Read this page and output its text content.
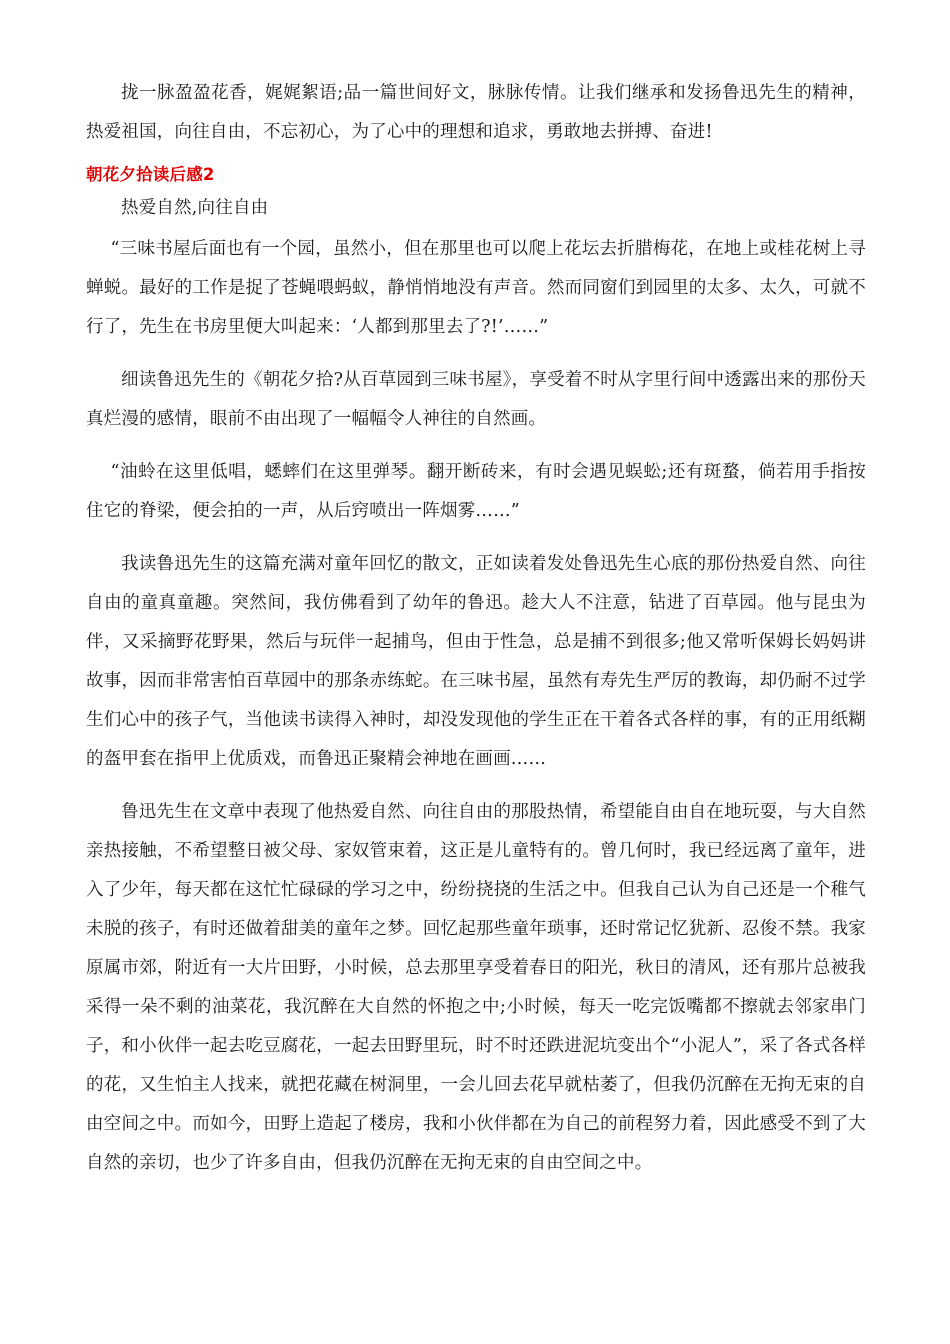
拢一脉盈盈花香，娓娓絮语;品一篇世间好文，脉脉传情。让我们继承和发扬鲁迅先生的精神，热爱祖国，向往自由，不忘初心，为了心中的理想和追求，勇敢地去拼搏、奋进!

朝花夕拾读后感2

热爱自然,向往自由

“三味书屋后面也有一个园，虽然小，但在那里也可以爬上花坛去折腊梅花，在地上或桂花树上寻蝉蜕。最好的工作是捉了苍蝇喂蚂蚁，静悄悄地没有声音。然而同窗们到园里的太多、太久，可就不行了，先生在书房里便大叫起来：‘人都到那里去了?!’……”

细读鲁迅先生的《朝花夕拾?从百草园到三味书屋》，享受着不时从字里行间中透露出来的那份天真烂漫的感情，眼前不由出现了一幅幅令人神往的自然画。

“油蛉在这里低唱，蟋蟀们在这里弹琴。翻开断砖来，有时会遇见蜈蚣;还有斑蝥，倘若用手指按住它的脊梁，便会拍的一声，从后窍喷出一阵烟雾……”

我读鲁迅先生的这篇充满对童年回忆的散文，正如读着发处鲁迅先生心底的那份热爱自然、向往自由的童真童趣。突然间，我仿佛看到了幼年的鲁迅。趁大人不注意，钻进了百草园。他与昆虫为伴，又采摘野花野果，然后与玩伴一起捕鸟，但由于性急，总是捕不到很多;他又常听保姆长妈妈讲故事，因而非常害怕百草园中的那条赤练蛇。在三味书屋，虽然有寿先生严厉的教诲，却仍耐不过学生们心中的孩子气，当他读书读得入神时，却没发现他的学生正在干着各式各样的事，有的正用纸糊的盔甲套在指甲上优质戏，而鲁迅正聚精会神地在画画……

鲁迅先生在文章中表现了他热爱自然、向往自由的那股热情，希望能自由自在地玩耍，与大自然亲热接触，不希望整日被父母、家奴管束着，这正是儿童特有的。曾几何时，我已经远离了童年，进入了少年，每天都在这忙忙碌碌的学习之中，纷纷挠挠的生活之中。但我自己认为自己还是一个稚气未脱的孩子，有时还做着甜美的童年之梦。回忆起那些童年琐事，还时常记忆犹新、忍俊不禁。我家原属市郊，附近有一大片田野，小时候，总去那里享受着春日的阳光，秋日的清风，还有那片总被我采得一朵不剩的油菜花，我沉醉在大自然的怀抱之中;小时候，每天一吃完饭嘴都不擦就去邻家串门子，和小伙伴一起去吃豆腐花，一起去田野里玩，时不时还跌进泥坑变出个“小泥人”，采了各式各样的花，又生怕主人找来，就把花藏在树洞里，一会儿回去花早就枯萎了，但我仍沉醉在无拘无束的自由空间之中。而如今，田野上造起了楼房，我和小伙伴都在为自己的前程努力着，因此感受不到了大自然的亲切，也少了许多自由，但我仍沉醉在无拘无束的自由空间之中。
